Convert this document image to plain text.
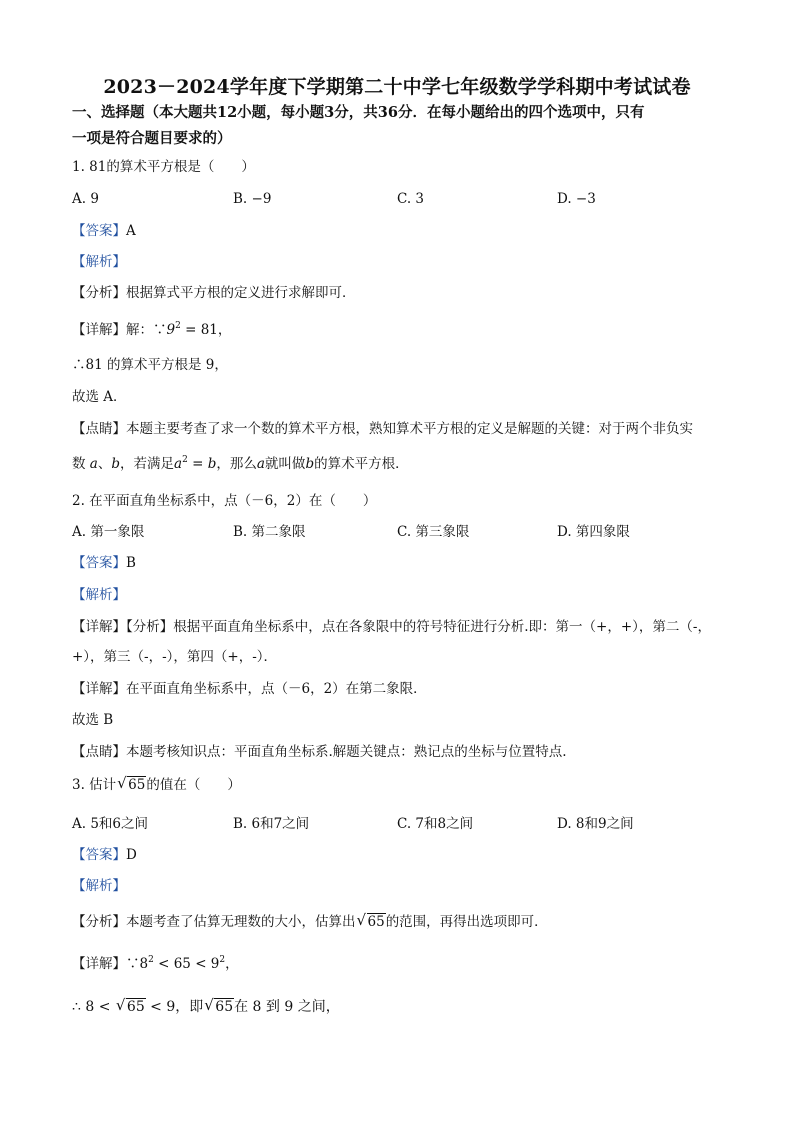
2023－2024学年度下学期第二十中学七年级数学学科期中考试试卷
一、选择题（本大题共12小题，每小题3分，共36分．在每小题给出的四个选项中，只有
一项是符合题目要求的）
1. 81的算术平方根是（　　）
A. 9	B. −9	C. 3	D. −3
【答案】A
【解析】
【分析】根据算式平方根的定义进行求解即可．
【详解】解：$\because 9^2 = 81$，
∴81 的算术平方根是 9，
故选 A．
【点睛】本题主要考查了求一个数的算术平方根，熟知算术平方根的定义是解题的关键：对于两个非负实
数 a、b，若满足$a^2 = b$，那么a就叫做b的算术平方根．
2. 在平面直角坐标系中，点（－6，2）在（　　）
A. 第一象限	B. 第二象限	C. 第三象限	D. 第四象限
【答案】B
【解析】
【详解】【分析】根据平面直角坐标系中，点在各象限中的符号特征进行分析.即：第一（+，+），第二（-，
+），第三（-，-），第四（+，-）．
【详解】在平面直角坐标系中，点（－6，2）在第二象限．
故选 B
【点睛】本题考核知识点：平面直角坐标系.解题关键点：熟记点的坐标与位置特点.
3. 估计 √ 65的值在（　　）
A. 5和6之间	B. 6和7之间	C. 7和8之间	D. 8和9之间
【答案】D
【解析】
【分析】本题考查了估算无理数的大小，估算出 √ 65的范围，再得出选项即可．
【详解】$\because 8^2 < 65 < 9^2$，
∴ 8 < √ 65 < 9，即 √ 65在 8 到 9 之间，
